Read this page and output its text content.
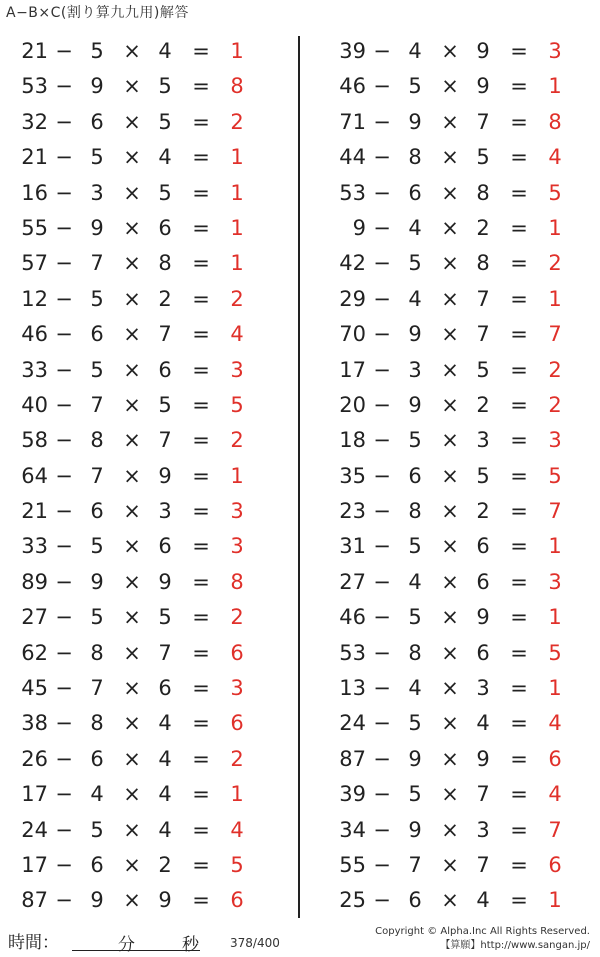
A−B×C(割り算九九用)解答
21 − 5 × 4 = 1
53 − 9 × 5 = 8
32 − 6 × 5 = 2
21 − 5 × 4 = 1
16 − 3 × 5 = 1
55 − 9 × 6 = 1
57 − 7 × 8 = 1
12 − 5 × 2 = 2
46 − 6 × 7 = 4
33 − 5 × 6 = 3
40 − 7 × 5 = 5
58 − 8 × 7 = 2
64 − 7 × 9 = 1
21 − 6 × 3 = 3
33 − 5 × 6 = 3
89 − 9 × 9 = 8
27 − 5 × 5 = 2
62 − 8 × 7 = 6
45 − 7 × 6 = 3
38 − 8 × 4 = 6
26 − 6 × 4 = 2
17 − 4 × 4 = 1
24 − 5 × 4 = 4
17 − 6 × 2 = 5
87 − 9 × 9 = 6
39 − 4 × 9 = 3
46 − 5 × 9 = 1
71 − 9 × 7 = 8
44 − 8 × 5 = 4
53 − 6 × 8 = 5
9 − 4 × 2 = 1
42 − 5 × 8 = 2
29 − 4 × 7 = 1
70 − 9 × 7 = 7
17 − 3 × 5 = 2
20 − 9 × 2 = 2
18 − 5 × 3 = 3
35 − 6 × 5 = 5
23 − 8 × 2 = 7
31 − 5 × 6 = 1
27 − 4 × 6 = 3
46 − 5 × 9 = 1
53 − 8 × 6 = 5
13 − 4 × 3 = 1
24 − 5 × 4 = 4
87 − 9 × 9 = 6
39 − 5 × 7 = 4
34 − 9 × 3 = 7
55 − 7 × 7 = 6
25 − 6 × 4 = 1
時間：	分	秒	378/400
Copyright © Alpha.Inc All Rights Reserved.
【算願】http://www.sangan.jp/
